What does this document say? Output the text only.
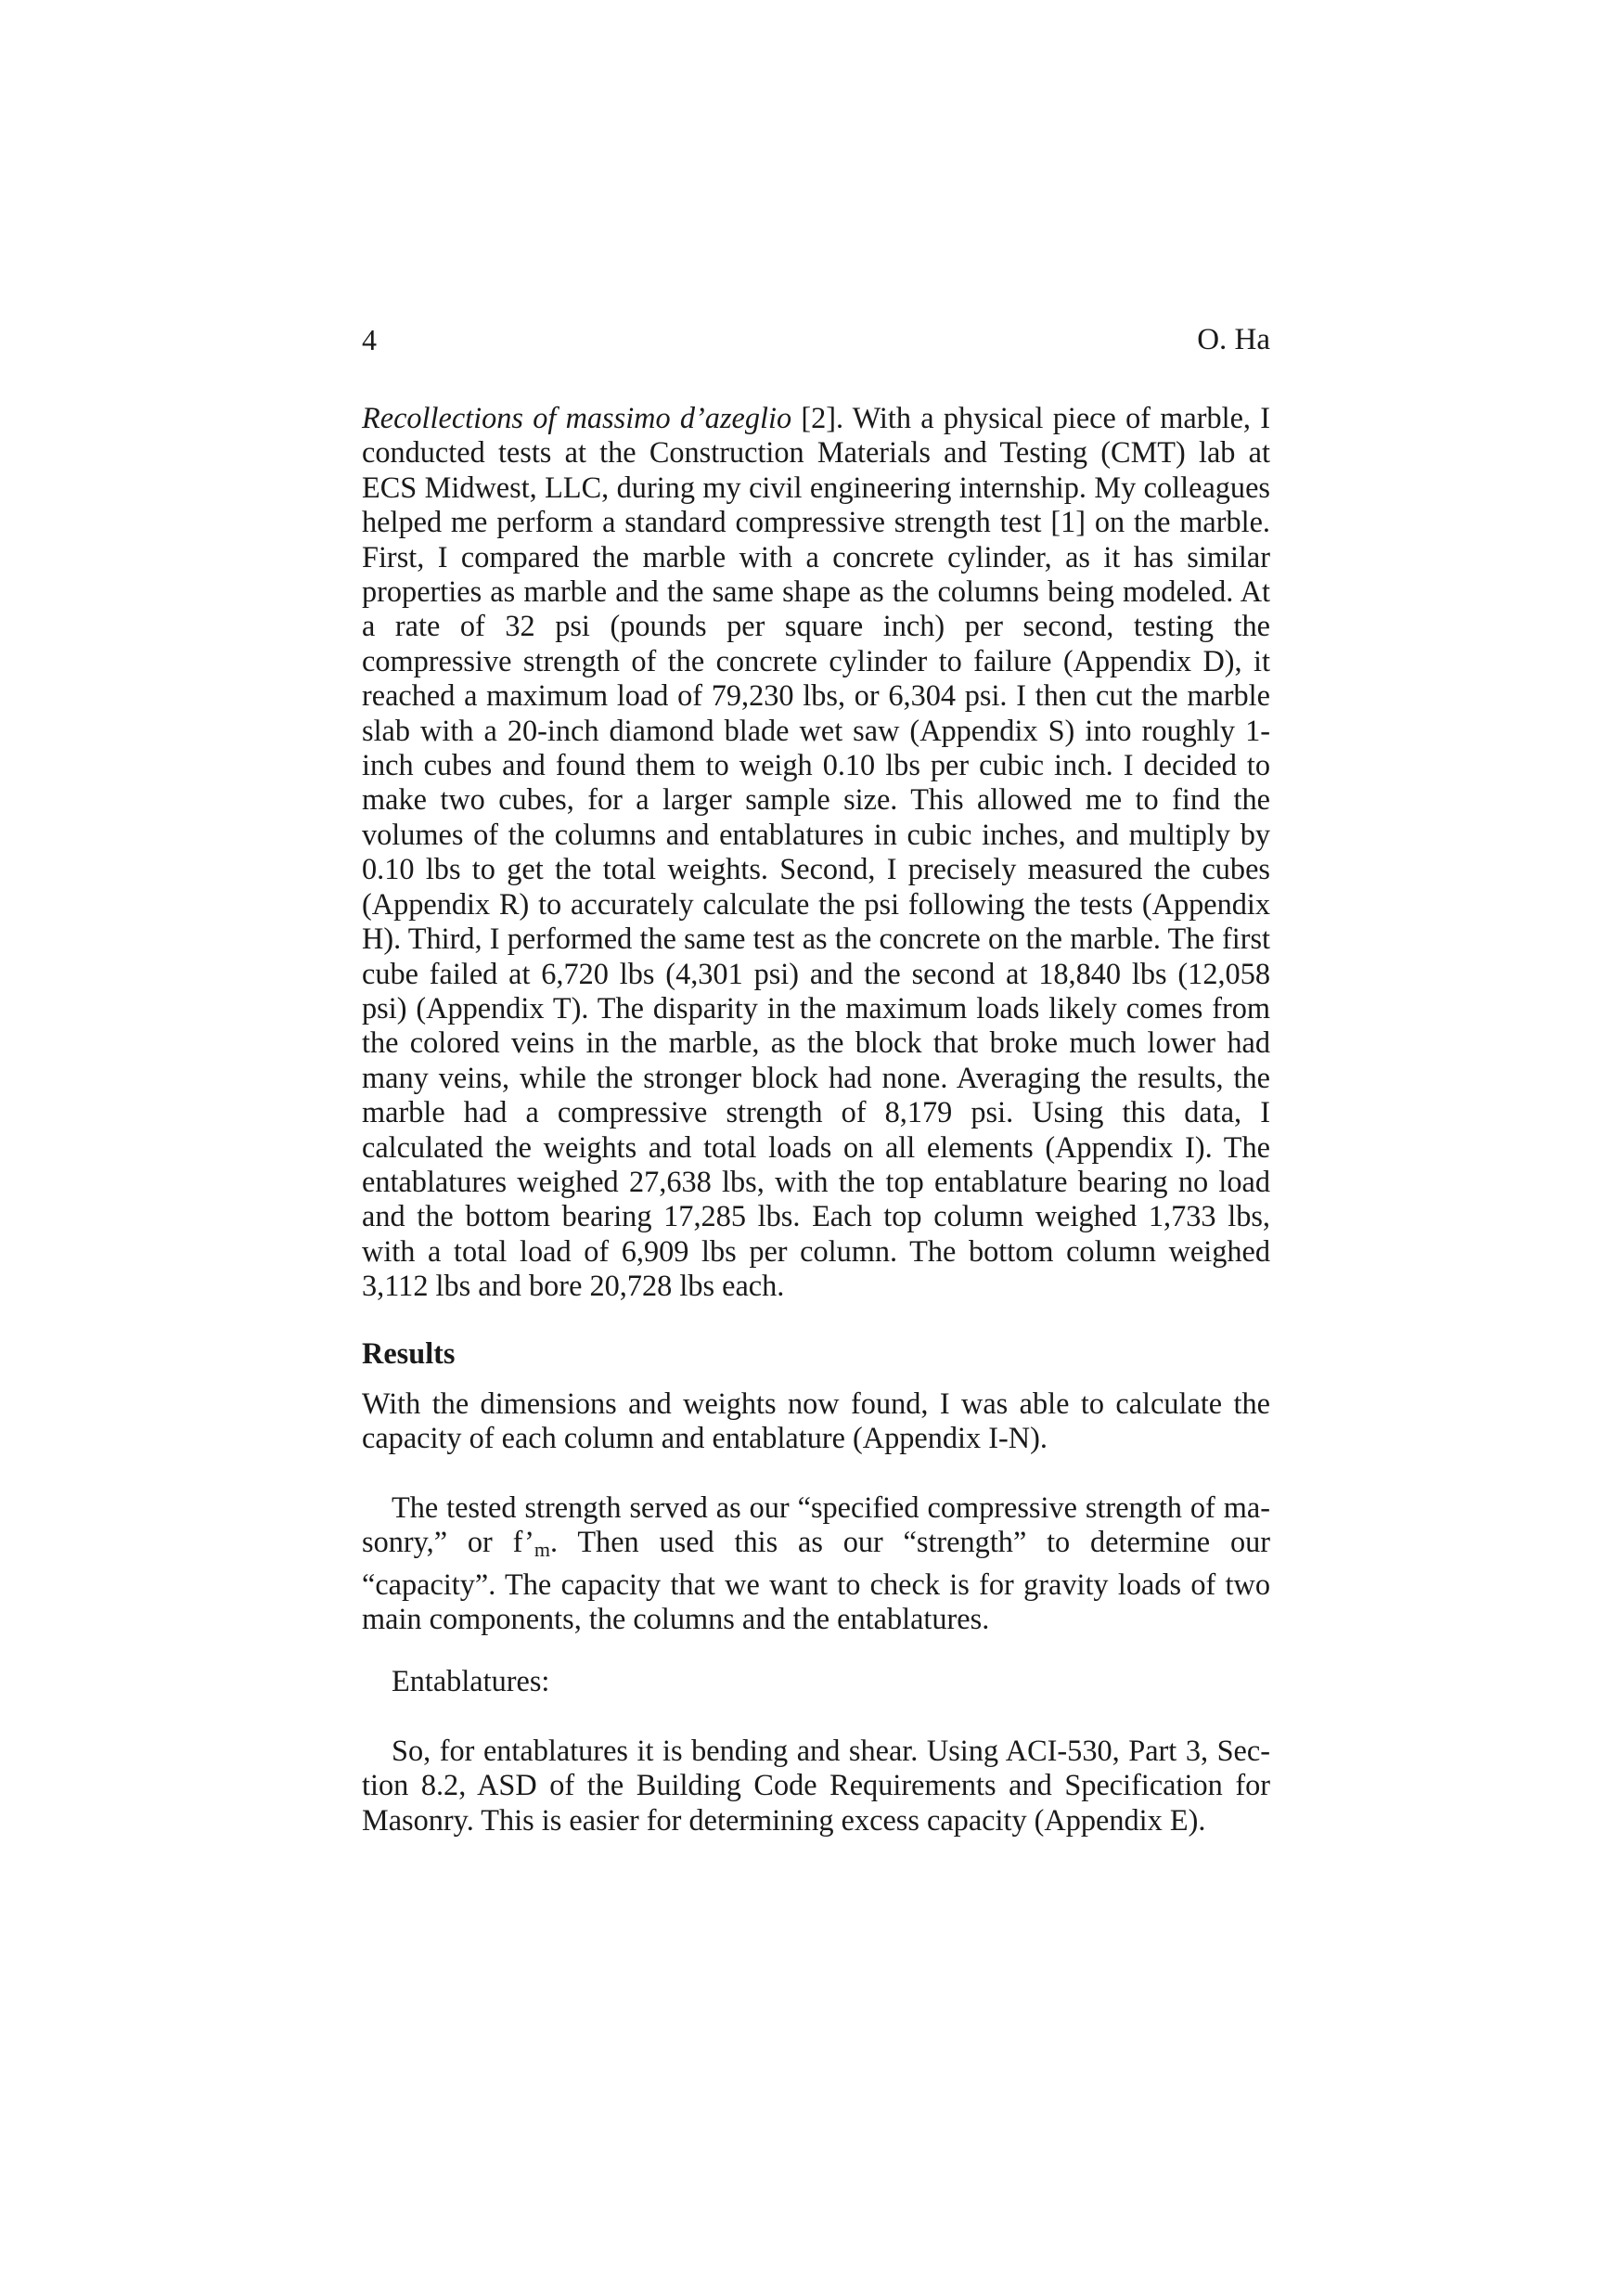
4	O. Ha

Recollections of massimo d’azeglio [2]. With a physical piece of marble, I conducted tests at the Construction Materials and Testing (CMT) lab at ECS Midwest, LLC, during my civil engineering internship. My colleagues helped me perform a standard compressive strength test [1] on the marble. First, I compared the marble with a concrete cylinder, as it has similar properties as marble and the same shape as the columns being modeled. At a rate of 32 psi (pounds per square inch) per second, testing the compressive strength of the concrete cylinder to failure (Appendix D), it reached a maximum load of 79,230 lbs, or 6,304 psi. I then cut the marble slab with a 20-inch diamond blade wet saw (Appendix S) into roughly 1-inch cubes and found them to weigh 0.10 lbs per cubic inch. I decided to make two cubes, for a larger sample size. This allowed me to find the volumes of the columns and entablatures in cubic inches, and multiply by 0.10 lbs to get the total weights. Second, I precisely measured the cubes (Appendix R) to accurately calculate the psi following the tests (Appendix H). Third, I performed the same test as the concrete on the marble. The first cube failed at 6,720 lbs (4,301 psi) and the second at 18,840 lbs (12,058 psi) (Appendix T). The disparity in the maximum loads likely comes from the colored veins in the marble, as the block that broke much lower had many veins, while the stronger block had none. Averaging the results, the marble had a compressive strength of 8,179 psi. Using this data, I calculated the weights and total loads on all elements (Appendix I). The entablatures weighed 27,638 lbs, with the top entablature bearing no load and the bottom bearing 17,285 lbs. Each top column weighed 1,733 lbs, with a total load of 6,909 lbs per column. The bottom column weighed 3,112 lbs and bore 20,728 lbs each.

Results

With the dimensions and weights now found, I was able to calculate the capacity of each column and entablature (Appendix I-N).

The tested strength served as our “specified compressive strength of masonry,” or $f’_m$. Then used this as our “strength” to determine our “capacity”. The capacity that we want to check is for gravity loads of two main components, the columns and the entablatures.

Entablatures:

So, for entablatures it is bending and shear. Using ACI-530, Part 3, Section 8.2, ASD of the Building Code Requirements and Specification for Masonry. This is easier for determining excess capacity (Appendix E).
